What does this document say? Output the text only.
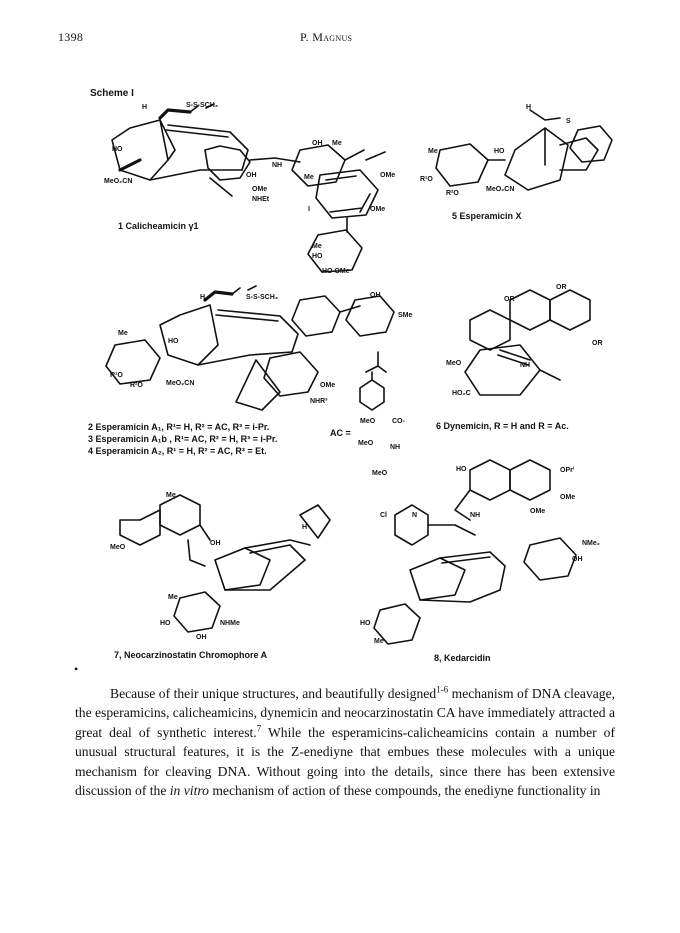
1398	P. Magnus
Scheme I
1 Calicheamicin γ1
5 Esperamicin X
2 Esperamicin A₁, R¹= H, R² = AC, R³ = i-Pr.
3 Esperamicin A₁b , R¹= AC, R² = H, R³ = i-Pr.
4 Esperamicin A₂, R¹ = H, R² = AC, R³ = Et.
AC =
6 Dynemicin, R = H and R = Ac.
7, Neocarzinostatin Chromophore A	8, Kedarcidin
H	S-S-SCH₃
HO
MeO₂CN
OH
OMe
NHEt
NH
OH Me
Me	OMe
OMe
I
Me
HO
HO OMe
H
S
Me
R¹O
R²O
MeO₂CN
HO
H	S-S-SCH₃	OH
SMe
Me
HO
R¹O
R²O	MeO₂CN
NHR³
OMe
OR
OR
OR
MeO
HO₂C
NH
MeO CO-
MeO
NH
MeO
Me
MeO
OH
H
Me
HO	NHMe
OH
HO	OPrⁱ
OMe
OMe
Cl	N	NH
NMe₂
OH
HO
Me
•

Because of their unique structures, and beautifully designed$^{1-6}$ mechanism of DNA cleavage, the esperamicins, calicheamicins, dynemicin and neocarzinostatin CA have immediately attracted a great deal of synthetic interest.$^7$ While the esperamicins-calicheamicins contain a number of unusual structural features, it is the Z-enediyne that embues these molecules with a unique mechanism for cleaving DNA. Without going into the details, since there has been extensive discussion of the in vitro mechanism of action of these compounds, the enediyne functionality in
